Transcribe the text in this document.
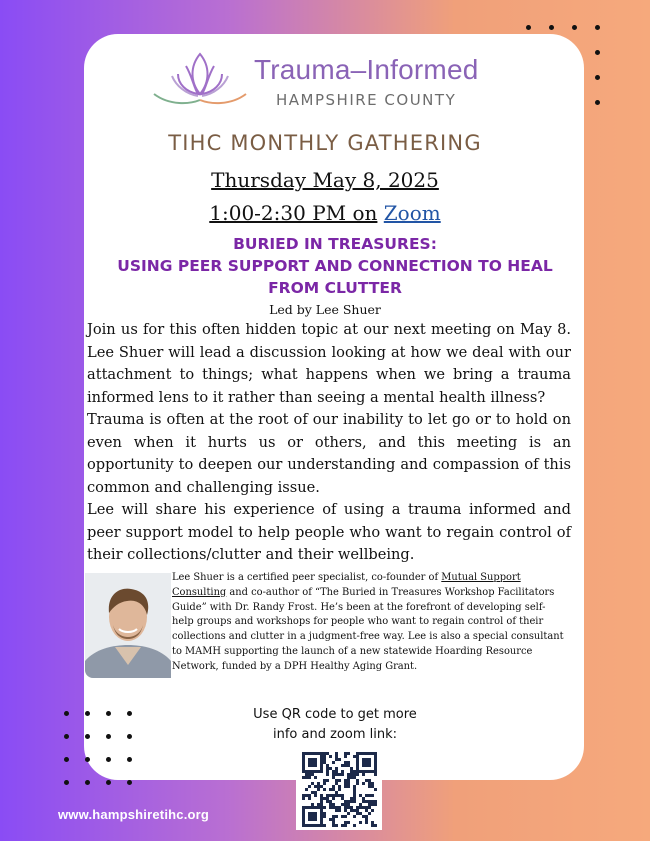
Trauma–Informed
HAMPSHIRE COUNTY
TIHC MONTHLY GATHERING
Thursday May 8, 2025
1:00-2:30 PM on Zoom
BURIED IN TREASURES:
USING PEER SUPPORT AND CONNECTION TO HEAL FROM CLUTTER
Led by Lee Shuer

Join us for this often hidden topic at our next meeting on May 8. Lee Shuer will lead a discussion looking at how we deal with our attachment to things; what happens when we bring a trauma informed lens to it rather than seeing a mental health illness?

Trauma is often at the root of our inability to let go or to hold on even when it hurts us or others, and this meeting is an opportunity to deepen our understanding and compassion of this common and challenging issue.

Lee will share his experience of using a trauma informed and peer support model to help people who want to regain control of their collections/clutter and their wellbeing.

Lee Shuer is a certified peer specialist, co-founder of Mutual Support Consulting and co-author of “The Buried in Treasures Workshop Facilitators Guide” with Dr. Randy Frost. He’s been at the forefront of developing self-help groups and workshops for people who want to regain control of their collections and clutter in a judgment-free way. Lee is also a special consultant to MAMH supporting the launch of a new statewide Hoarding Resource Network, funded by a DPH Healthy Aging Grant.
Use QR code to get more
info and zoom link:
www.hampshiretihc.org
